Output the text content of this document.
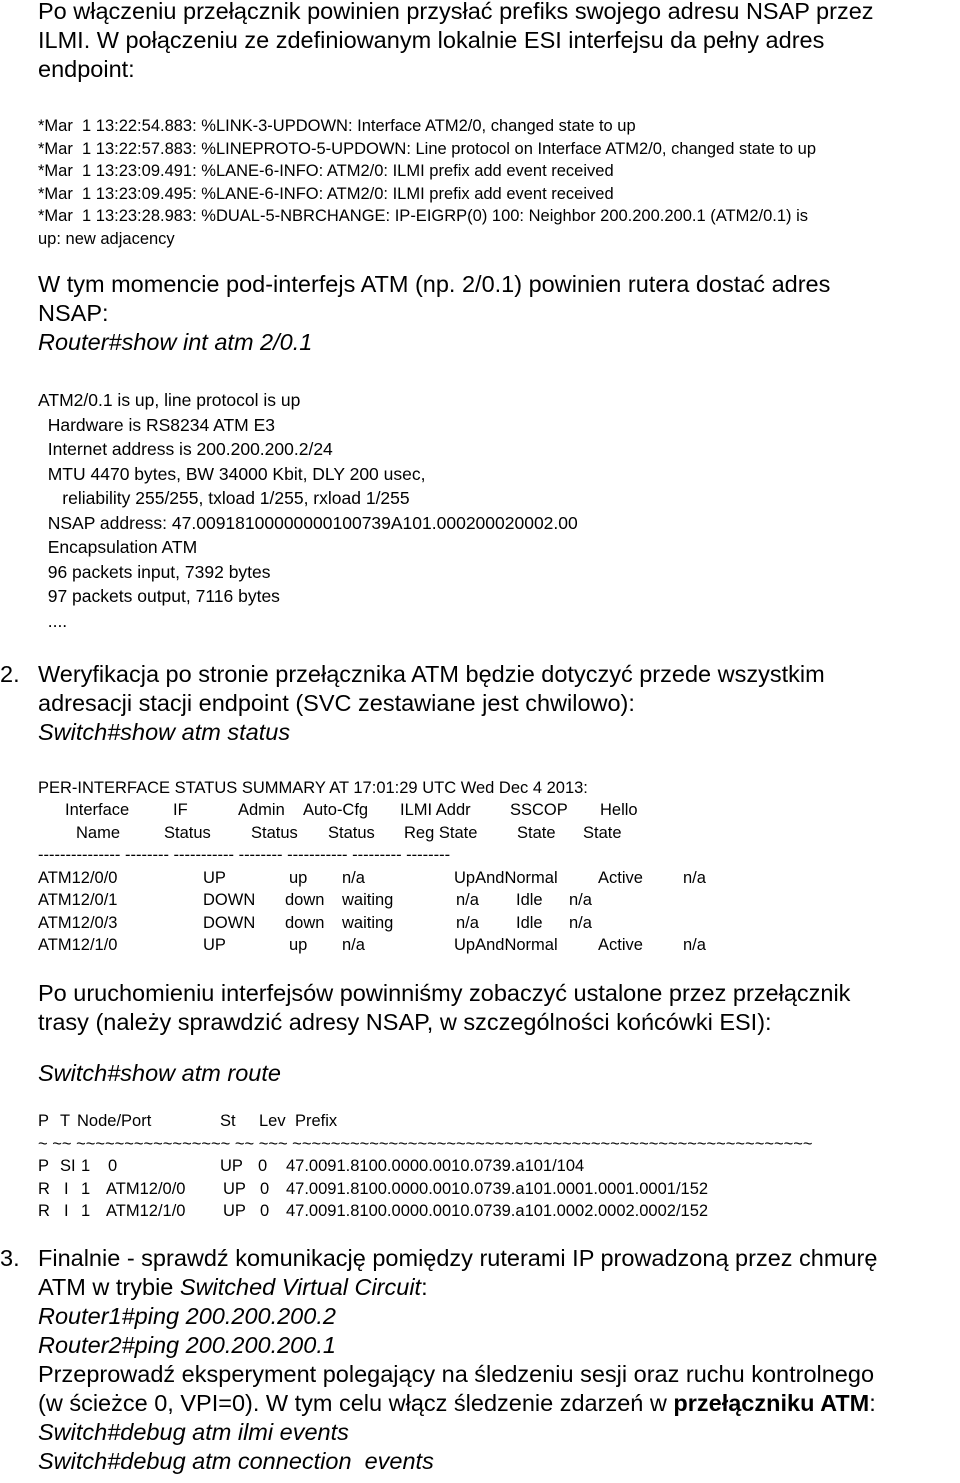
Po włączeniu przełącznik powinien przysłać prefiks swojego adresu NSAP przez
ILMI. W połączeniu ze zdefiniowanym lokalnie ESI interfejsu da pełny adres
endpoint:
*Mar  1 13:22:54.883: %LINK-3-UPDOWN: Interface ATM2/0, changed state to up
*Mar  1 13:22:57.883: %LINEPROTO-5-UPDOWN: Line protocol on Interface ATM2/0, changed state to up
*Mar  1 13:23:09.491: %LANE-6-INFO: ATM2/0: ILMI prefix add event received
*Mar  1 13:23:09.495: %LANE-6-INFO: ATM2/0: ILMI prefix add event received
*Mar  1 13:23:28.983: %DUAL-5-NBRCHANGE: IP-EIGRP(0) 100: Neighbor 200.200.200.1 (ATM2/0.1) is
up: new adjacency
W tym momencie pod-interfejs ATM (np. 2/0.1) powinien rutera dostać adres
NSAP:
Router#show int atm 2/0.1
ATM2/0.1 is up, line protocol is up
Hardware is RS8234 ATM E3
Internet address is 200.200.200.2/24
MTU 4470 bytes, BW 34000 Kbit, DLY 200 usec,
reliability 255/255, txload 1/255, rxload 1/255
NSAP address: 47.00918100000000100739A101.000200020002.00
Encapsulation ATM
96 packets input, 7392 bytes
97 packets output, 7116 bytes
....
2. Weryfikacja po stronie przełącznika ATM będzie dotyczyć przede wszystkim
adresacji stacji endpoint (SVC zestawiane jest chwilowo):
Switch#show atm status
PER-INTERFACE STATUS SUMMARY AT 17:01:29 UTC Wed Dec 4 2013:
Interface	IF	Admin Auto-Cfg ILMI Addr SSCOP Hello
Name	Status Status Status Reg State State State
--------------- -------- ----------- -------- ----------- --------- --------
ATM12/0/0	UP	up n/a	UpAndNormal Active n/a
ATM12/0/1	DOWN down waiting	n/a Idle n/a
ATM12/0/3	DOWN down waiting	n/a Idle n/a
ATM12/1/0	UP	up n/a	UpAndNormal Active n/a
Po uruchomieniu interfejsów powinniśmy zobaczyć ustalone przez przełącznik
trasy (należy sprawdzić adresy NSAP, w szczególności końcówki ESI):
Switch#show atm route
P T Node/Port	St Lev Prefix
~ ~~ ~~~~~~~~~~~~~~~~ ~~ ~~~ ~~~~~~~~~~~~~~~~~~~~~~~~~~~~~~~~~~~~~~~~~~~~~~~~~~~~~~
P SI 1 0	UP 0 47.0091.8100.0000.0010.0739.a101/104
R I 1 ATM12/0/0 UP 0 47.0091.8100.0000.0010.0739.a101.0001.0001.0001/152
R I 1 ATM12/1/0 UP 0 47.0091.8100.0000.0010.0739.a101.0002.0002.0002/152
3. Finalnie - sprawdź komunikację pomiędzy ruterami IP prowadzoną przez chmurę
ATM w trybie Switched Virtual Circuit:
Router1#ping 200.200.200.2
Router2#ping 200.200.200.1
Przeprowadź eksperyment polegający na śledzeniu sesji oraz ruchu kontrolnego
(w ścieżce 0, VPI=0). W tym celu włącz śledzenie zdarzeń w przełączniku ATM:
Switch#debug atm ilmi events
Switch#debug atm connection  events
